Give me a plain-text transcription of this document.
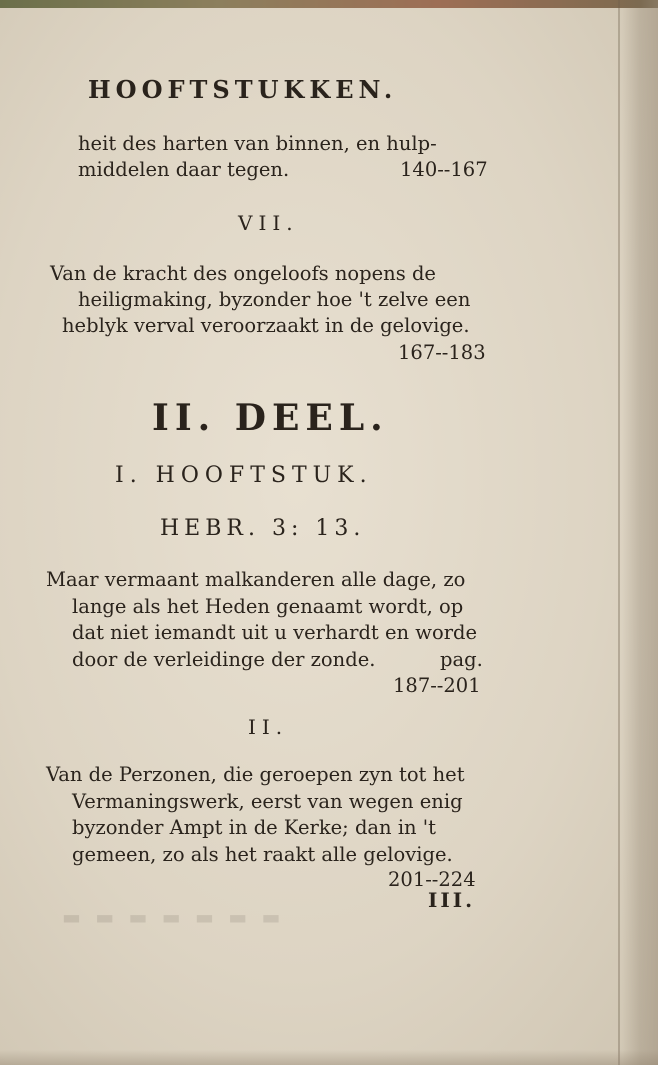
▬ ▬ ▬ ▬ ▬ ▬ ▬
HOOFTSTUKKEN.
heit des harten van binnen, en hulp-
middelen daar tegen.	140--167
VII.
Van de kracht des ongeloofs nopens de
heiligmaking, byzonder hoe 't zelve een
heblyk verval veroorzaakt in de gelovige.
167--183
II. DEEL.
I. HOOFTSTUK.
HEBR. 3: 13.
Maar vermaant malkanderen alle dage, zo
lange als het Heden genaamt wordt, op
dat niet iemandt uit u verhardt en worde
door de verleidinge der zonde.	pag.
187--201
II.
Van de Perzonen, die geroepen zyn tot het
Vermaningswerk, eerst van wegen enig
byzonder Ampt in de Kerke; dan in 't
gemeen, zo als het raakt alle gelovige.
201--224
III.
